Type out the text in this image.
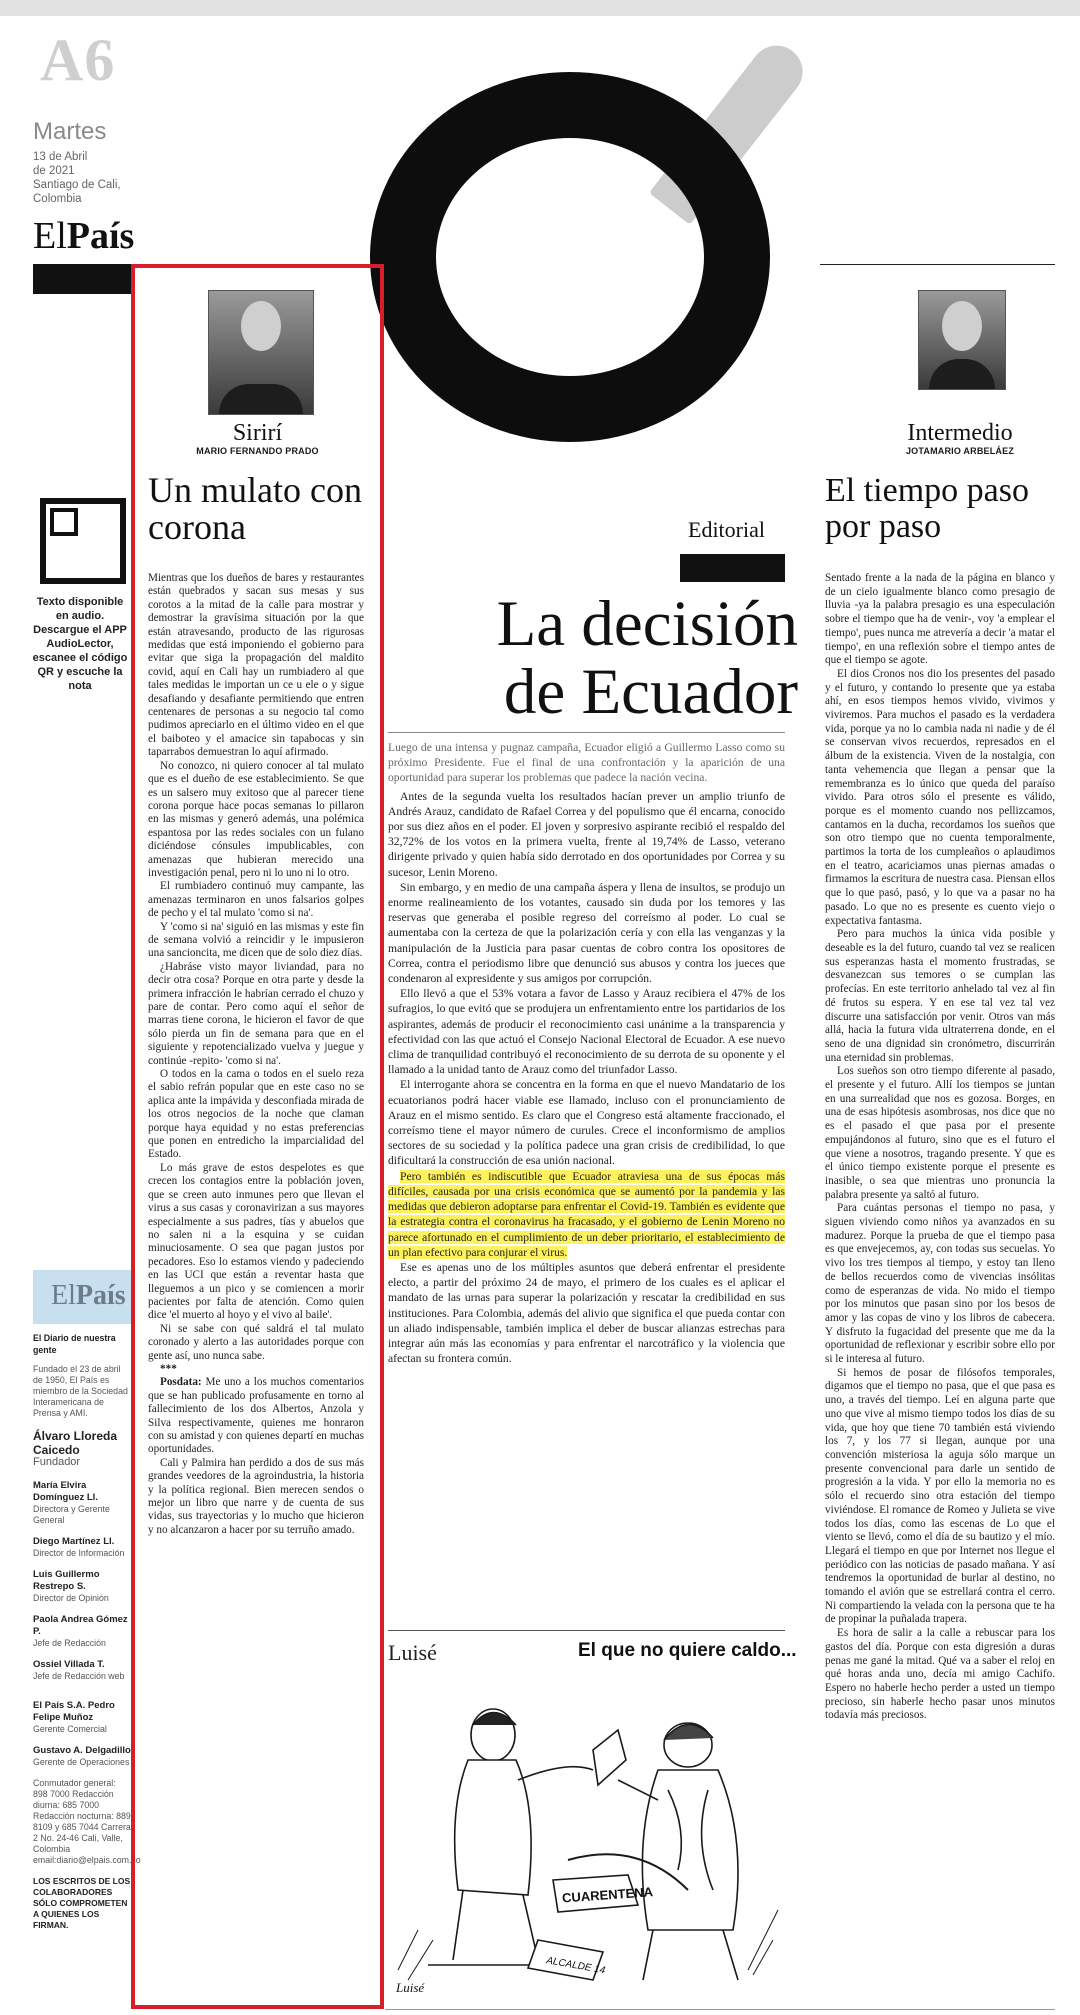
A6
Martes
13 de Abril
de 2021
Santiago de Cali,
Colombia
ElPaís
Texto disponible en audio. Descargue el APP AudioLector, escanee el código QR y escuche la nota
ElPaís
El Diario de nuestra gente
Fundado el 23 de abril de 1950, El País es miembro de la Sociedad Interamericana de Prensa y AMI.
Álvaro Lloreda Caicedo
Fundador
María Elvira Domínguez Ll.
Directora y Gerente General
Diego Martínez Ll.
Director de Información
Luis Guillermo Restrepo S.
Director de Opinión
Paola Andrea Gómez P.
Jefe de Redacción
Ossiel Villada T.
Jefe de Redacción web
El País S.A. Pedro Felipe Muñoz
Gerente Comercial
Gustavo A. Delgadillo
Gerente de Operaciones
Conmutador general: 898 7000 Redacción diurna: 685 7000 Redacción nocturna: 889 8109 y 685 7044 Carrera 2 No. 24-46 Cali, Valle, Colombia email:diario@elpais.com.co
LOS ESCRITOS DE LOS COLABORADORES SÓLO COMPROMETEN A QUIENES LOS FIRMAN.
Sirirí
MARIO FERNANDO PRADO
Un mulato con corona

Mientras que los dueños de bares y restaurantes están quebrados y sacan sus mesas y sus corotos a la mitad de la calle para mostrar y demostrar la gravísima situación por la que están atravesando, producto de las rigurosas medidas que está imponiendo el gobierno para evitar que siga la propagación del maldito covid, aquí en Cali hay un rumbiadero al que tales medidas le importan un ce u ele o y sigue desafiando y desafiante permitiendo que entren centenares de personas a su negocio tal como pudimos apreciarlo en el último video en el que el baiboteo y el amacice sin tapabocas y sin taparrabos demuestran lo aquí afirmado.

No conozco, ni quiero conocer al tal mulato que es el dueño de ese establecimiento. Se que es un salsero muy exitoso que al parecer tiene corona porque hace pocas semanas lo pillaron en las mismas y generó además, una polémica espantosa por las redes sociales con un fulano diciéndose cónsules impublicables, con amenazas que hubieran merecido una investigación penal, pero ni lo uno ni lo otro.

El rumbiadero continuó muy campante, las amenazas terminaron en unos falsarios golpes de pecho y el tal mulato 'como si na'.

Y 'como si na' siguió en las mismas y este fin de semana volvió a reincidir y le impusieron una sancioncita, me dicen que de solo diez días.

¿Habráse visto mayor liviandad, para no decir otra cosa? Porque en otra parte y desde la primera infracción le habrían cerrado el chuzo y pare de contar. Pero como aquí el señor de marras tiene corona, le hicieron el favor de que sólo pierda un fin de semana para que en el siguiente y repotencializado vuelva y juegue y continúe -repito- 'como si na'.

O todos en la cama o todos en el suelo reza el sabio refrán popular que en este caso no se aplica ante la impávida y desconfiada mirada de los otros negocios de la noche que claman porque haya equidad y no estas preferencias que ponen en entredicho la imparcialidad del Estado.

Lo más grave de estos despelotes es que crecen los contagios entre la población joven, que se creen auto inmunes pero que llevan el virus a sus casas y coronavirizan a sus mayores especialmente a sus padres, tías y abuelos que no salen ni a la esquina y se cuidan minuciosamente. O sea que pagan justos por pecadores. Eso lo estamos viendo y padeciendo en las UCI que están a reventar hasta que lleguemos a un pico y se comiencen a morir pacientes por falta de atención. Como quien dice 'el muerto al hoyo y el vivo al baile'.

Ni se sabe con qué saldrá el tal mulato coronado y alerto a las autoridades porque con gente así, uno nunca sabe.

***

Posdata: Me uno a los muchos comentarios que se han publicado profusamente en torno al fallecimiento de los dos Albertos, Anzola y Silva respectivamente, quienes me honraron con su amistad y con quienes departí en muchas oportunidades.

Cali y Palmira han perdido a dos de sus más grandes veedores de la agroindustria, la historia y la política regional. Bien merecen sendos o mejor un libro que narre y de cuenta de sus vidas, sus trayectorias y lo mucho que hicieron y no alcanzaron a hacer por su terruño amado.

Editorial
La decisión
de Ecuador

Luego de una intensa y pugnaz campaña, Ecuador eligió a Guillermo Lasso como su próximo Presidente. Fue el final de una confrontación y la aparición de una oportunidad para superar los problemas que padece la nación vecina.

Antes de la segunda vuelta los resultados hacían prever un amplio triunfo de Andrés Arauz, candidato de Rafael Correa y del populismo que él encarna, conocido por sus diez años en el poder. El joven y sorpresivo aspirante recibió el respaldo del 32,72% de los votos en la primera vuelta, frente al 19,74% de Lasso, veterano dirigente privado y quien había sido derrotado en dos oportunidades por Correa y su sucesor, Lenin Moreno.

Sin embargo, y en medio de una campaña áspera y llena de insultos, se produjo un enorme realineamiento de los votantes, causado sin duda por los temores y las reservas que generaba el posible regreso del correísmo al poder. Lo cual se aumentaba con la certeza de que la polarización cería y con ella las venganzas y la manipulación de la Justicia para pasar cuentas de cobro contra los opositores de Correa, contra el periodismo libre que denunció sus abusos y contra los jueces que condenaron al expresidente y sus amigos por corrupción.

Ello llevó a que el 53% votara a favor de Lasso y Arauz recibiera el 47% de los sufragios, lo que evitó que se produjera un enfrentamiento entre los partidarios de los aspirantes, además de producir el reconocimiento casi unánime a la transparencia y efectividad con las que actuó el Consejo Nacional Electoral de Ecuador. A ese nuevo clima de tranquilidad contribuyó el reconocimiento de su derrota de su oponente y el llamado a la unidad tanto de Arauz como del triunfador Lasso.

El interrogante ahora se concentra en la forma en que el nuevo Mandatario de los ecuatorianos podrá hacer viable ese llamado, incluso con el pronunciamiento de Arauz en el mismo sentido. Es claro que el Congreso está altamente fraccionado, el correísmo tiene el mayor número de curules. Crece el inconformismo de amplios sectores de su sociedad y la política padece una gran crisis de credibilidad, lo que dificultará la construcción de esa unión nacional.

Pero también es indiscutible que Ecuador atraviesa una de sus épocas más difíciles, causada por una crisis económica que se aumentó por la pandemia y las medidas que debieron adoptarse para enfrentar el Covid-19. También es evidente que la estrategia contra el coronavirus ha fracasado, y el gobierno de Lenin Moreno no parece afortunado en el cumplimiento de un deber prioritario, el establecimiento de un plan efectivo para conjurar el virus.

Ese es apenas uno de los múltiples asuntos que deberá enfrentar el presidente electo, a partir del próximo 24 de mayo, el primero de los cuales es el aplicar el mandato de las urnas para superar la polarización y rescatar la credibilidad en sus instituciones. Para Colombia, además del alivio que significa el que pueda contar con un aliado indispensable, también implica el deber de buscar alianzas estrechas para integrar aún más las economías y para enfrentar el narcotráfico y la violencia que afectan su frontera común.

Luisé	El que no quiere caldo...
CUARENTENA
ALCALDE 14
Luisé
Intermedio
JOTAMARIO ARBELÁEZ
El tiempo paso por paso

Sentado frente a la nada de la página en blanco y de un cielo igualmente blanco como presagio de lluvia -ya la palabra presagio es una especulación sobre el tiempo que ha de venir-, voy 'a emplear el tiempo', pues nunca me atrevería a decir 'a matar el tiempo', en una reflexión sobre el tiempo antes de que el tiempo se agote.

El dios Cronos nos dio los presentes del pasado y el futuro, y contando lo presente que ya estaba ahí, en esos tiempos hemos vivido, vivimos y viviremos. Para muchos el pasado es la verdadera vida, porque ya no lo cambia nada ni nadie y de él se conservan vivos recuerdos, represados en el álbum de la existencia. Viven de la nostalgia, con tanta vehemencia que llegan a pensar que la remembranza es lo único que queda del paraíso vivido. Para otros sólo el presente es válido, porque es el momento cuando nos pellizcamos, cantamos en la ducha, recordamos los sueños que son otro tiempo que no cuenta temporalmente, partimos la torta de los cumpleaños o aplaudimos en el teatro, acariciamos unas piernas amadas o firmamos la escritura de nuestra casa. Piensan ellos que lo que pasó, pasó, y lo que va a pasar no ha pasado. Lo que no es presente es cuento viejo o expectativa fantasma.

Pero para muchos la única vida posible y deseable es la del futuro, cuando tal vez se realicen sus esperanzas hasta el momento frustradas, se desvanezcan sus temores o se cumplan las profecías. En este territorio anhelado tal vez al fin dé frutos su espera. Y en ese tal vez tal vez discurre una satisfacción por venir. Otros van más allá, hacia la futura vida ultraterrena donde, en el seno de una dignidad sin cronómetro, discurrirán una eternidad sin problemas.

Los sueños son otro tiempo diferente al pasado, el presente y el futuro. Allí los tiempos se juntan en una surrealidad que nos es gozosa. Borges, en una de esas hipótesis asombrosas, nos dice que no es el pasado el que pasa por el presente empujándonos al futuro, sino que es el futuro el que viene a nosotros, tragando presente. Y que es el único tiempo existente porque el presente es inasible, o sea que mientras uno pronuncia la palabra presente ya saltó al futuro.

Para cuántas personas el tiempo no pasa, y siguen viviendo como niños ya avanzados en su madurez. Porque la prueba de que el tiempo pasa es que envejecemos, ay, con todas sus secuelas. Yo vivo los tres tiempos al tiempo, y estoy tan lleno de bellos recuerdos como de vivencias insólitas como de esperanzas de vida. No mido el tiempo por los minutos que pasan sino por los besos de amor y las copas de vino y los libros de cabecera. Y disfruto la fugacidad del presente que me da la oportunidad de reflexionar y escribir sobre ello por si le interesa al futuro.

Si hemos de posar de filósofos temporales, digamos que el tiempo no pasa, que el que pasa es uno, a través del tiempo. Leí en alguna parte que uno que vive al mismo tiempo todos los días de su vida, que hoy que tiene 70 también está viviendo los 7, y los 77 si llegan, aunque por una convención misteriosa la aguja sólo marque un presente convencional para darle un sentido de progresión a la vida. Y por ello la memoria no es sólo el recuerdo sino otra estación del tiempo viviéndose. El romance de Romeo y Julieta se vive todos los días, como las escenas de Lo que el viento se llevó, como el día de su bautizo y el mío. Llegará el tiempo en que por Internet nos llegue el periódico con las noticias de pasado mañana. Y así tendremos la oportunidad de burlar al destino, no tomando el avión que se estrellará contra el cerro. Ni compartiendo la velada con la persona que te ha de propinar la puñalada trapera.

Es hora de salir a la calle a rebuscar para los gastos del día. Porque con esta digresión a duras penas me gané la mitad. Qué va a saber el reloj en qué horas anda uno, decía mi amigo Cachifo. Espero no haberle hecho perder a usted un tiempo precioso, sin haberle hecho pasar unos minutos todavía más preciosos.
